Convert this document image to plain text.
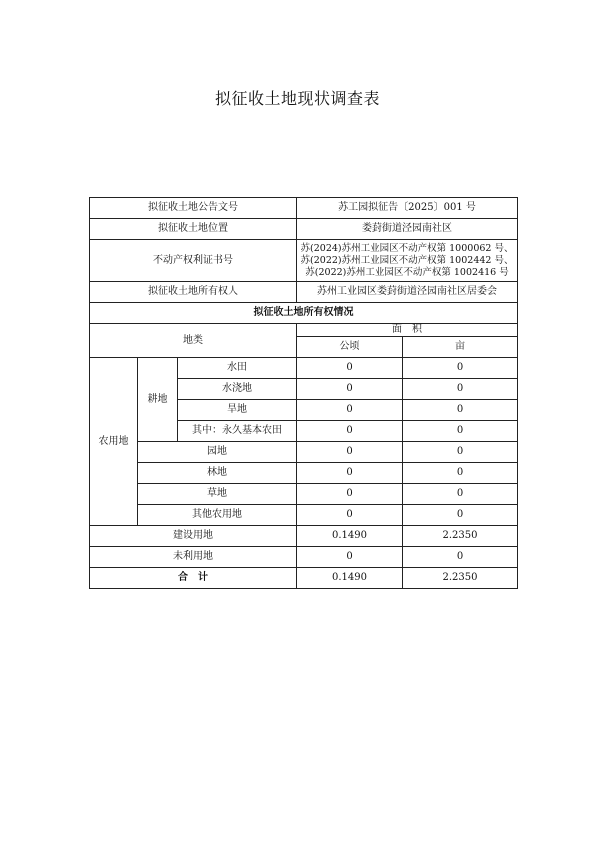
拟征收土地现状调查表
拟征收土地公告文号			苏工园拟征告〔2025〕001 号	
拟征收土地位置			娄葑街道泾园南社区	
不动产权利证书号			苏(2024)苏州工业园区不动产权第 1000062 号、
苏(2022)苏州工业园区不动产权第 1002442 号、
苏(2022)苏州工业园区不动产权第 1002416 号	

拟征收土地所有权人			苏州工业园区娄葑街道泾园南社区居委会	
拟征收土地所有权情况				
地类			面　积	
			公顷	亩
农用地	耕地	水田	0	0
		水浇地	0	0
		旱地	0	0
		其中：永久基本农田	0	0
	园地		0	0
	林地		0	0
	草地		0	0
	其他农用地		0	0
建设用地			0.1490	2.2350
未利用地			0	0
合　计			0.1490	2.2350
